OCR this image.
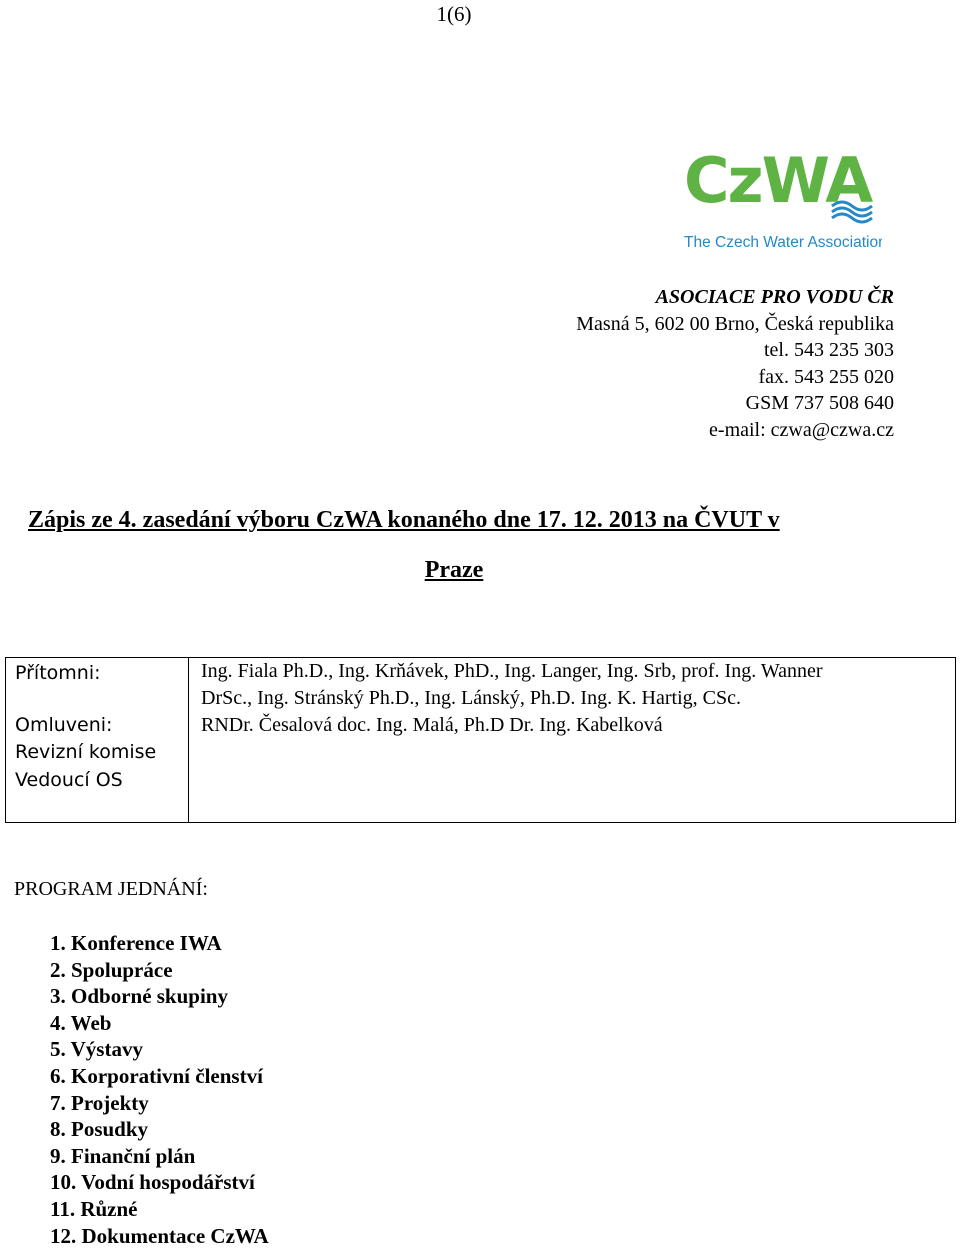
1(6)
CzWA
The Czech Water Association
ASOCIACE PRO VODU ČR
Masná 5, 602 00 Brno, Česká republika
tel. 543 235 303
fax. 543 255 020
GSM 737 508 640
e-mail: czwa@czwa.cz
Zápis ze 4. zasedání výboru CzWA konaného dne 17. 12. 2013 na ČVUT v
Praze
Přítomni:
Omluveni:
Revizní komise
Vedoucí OS
Ing. Fiala Ph.D., Ing. Krňávek, PhD., Ing. Langer, Ing. Srb, prof. Ing. Wanner
DrSc., Ing. Stránský Ph.D., Ing. Lánský, Ph.D. Ing. K. Hartig, CSc.
RNDr. Česalová doc. Ing. Malá, Ph.D Dr. Ing. Kabelková
PROGRAM JEDNÁNÍ:
1. Konference IWA
2. Spolupráce
3. Odborné skupiny
4. Web
5. Výstavy
6. Korporativní členství
7. Projekty
8. Posudky
9. Finanční plán
10. Vodní hospodářství
11. Různé
12. Dokumentace CzWA
